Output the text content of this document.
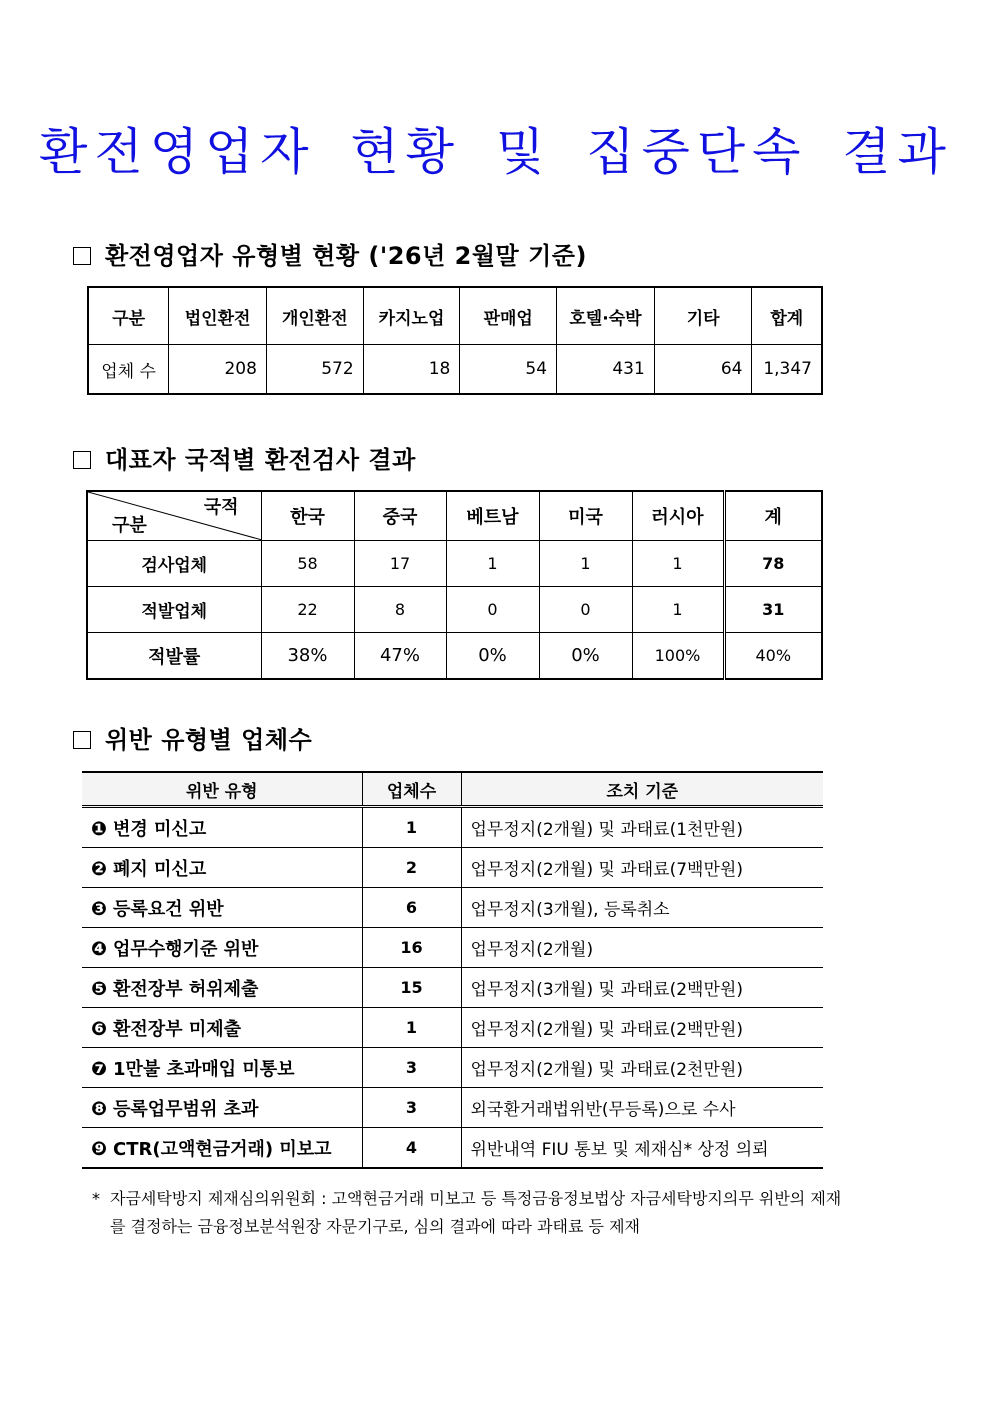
환전영업자 현황 및 집중단속 결과
환전영업자 유형별 현황 ('26년 2월말 기준)
구분	법인환전	개인환전	카지노업	판매업	호텔·숙박	기타	합계
업체 수	208	572	18	54	431	64	1,347
대표자 국적별 환전검사 결과
국적
구분	한국	중국	베트남	미국	러시아	계
검사업체	58	17	1	1	1	78
적발업체	22	8	0	0	1	31
적발률	38%	47%	0%	0%	100%	40%
위반 유형별 업체수
위반 유형	업체수	조치 기준
❶ 변경 미신고	1	업무정지(2개월) 및 과태료(1천만원)
❷ 폐지 미신고	2	업무정지(2개월) 및 과태료(7백만원)
❸ 등록요건 위반	6	업무정지(3개월), 등록취소
❹ 업무수행기준 위반	16	업무정지(2개월)
❺ 환전장부 허위제출	15	업무정지(3개월) 및 과태료(2백만원)
❻ 환전장부 미제출	1	업무정지(2개월) 및 과태료(2백만원)
❼ 1만불 초과매입 미통보	3	업무정지(2개월) 및 과태료(2천만원)
❽ 등록업무범위 초과	3	외국환거래법위반(무등록)으로 수사
❾ CTR(고액현금거래) 미보고	4	위반내역 FIU 통보 및 제재심* 상정 의뢰
* 자금세탁방지 제재심의위원회 : 고액현금거래 미보고 등 특정금융정보법상 자금세탁방지의무 위반의 제재
를 결정하는 금융정보분석원장 자문기구로, 심의 결과에 따라 과태료 등 제재
